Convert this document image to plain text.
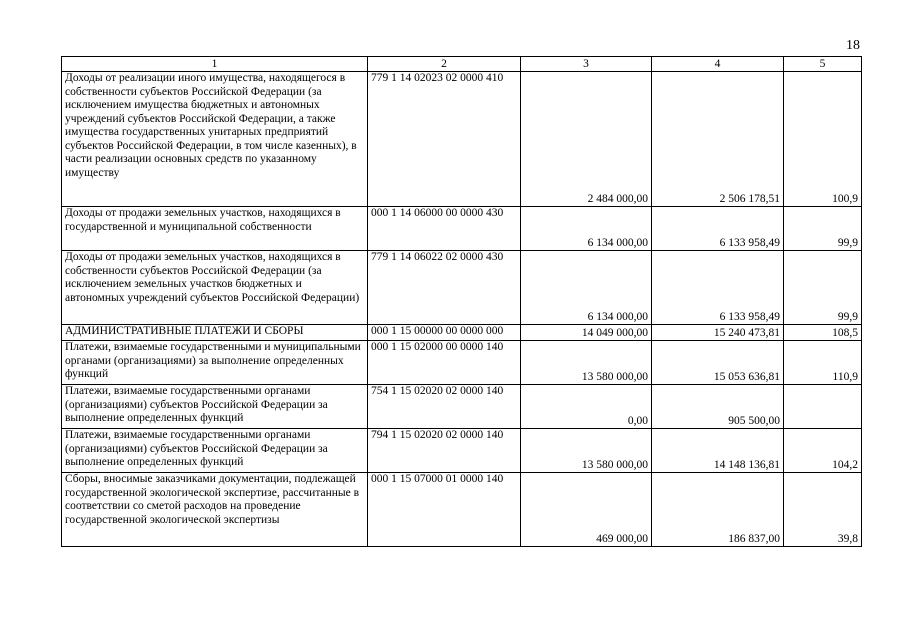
18
1	2	3	4	5
Доходы от реализации иного имущества, находящегося в собственности субъектов Российской Федерации (за исключением имущества бюджетных и автономных учреждений субъектов Российской Федерации, а также имущества государственных унитарных предприятий субъектов Российской Федерации, в том числе казенных), в части реализации основных средств по указанному имуществу	779 1 14 02023 02 0000 410	2 484 000,00	2 506 178,51	100,9
Доходы от продажи земельных участков, находящихся в государственной и муниципальной собственности	000 1 14 06000 00 0000 430	6 134 000,00	6 133 958,49	99,9
Доходы от продажи земельных участков, находящихся в собственности субъектов Российской Федерации (за исключением земельных участков бюджетных и автономных учреждений субъектов Российской Федерации)	779 1 14 06022 02 0000 430	6 134 000,00	6 133 958,49	99,9
АДМИНИСТРАТИВНЫЕ ПЛАТЕЖИ И СБОРЫ	000 1 15 00000 00 0000 000	14 049 000,00	15 240 473,81	108,5
Платежи, взимаемые государственными и муниципальными органами (организациями) за выполнение определенных функций	000 1 15 02000 00 0000 140	13 580 000,00	15 053 636,81	110,9
Платежи, взимаемые государственными органами (организациями) субъектов Российской Федерации за выполнение определенных функций	754 1 15 02020 02 0000 140	0,00	905 500,00	
Платежи, взимаемые государственными органами (организациями) субъектов Российской Федерации за выполнение определенных функций	794 1 15 02020 02 0000 140	13 580 000,00	14 148 136,81	104,2
Сборы, вносимые заказчиками документации, подлежащей государственной экологической экспертизе, рассчитанные в соответствии со сметой расходов на проведение государственной экологической экспертизы	000 1 15 07000 01 0000 140	469 000,00	186 837,00	39,8
